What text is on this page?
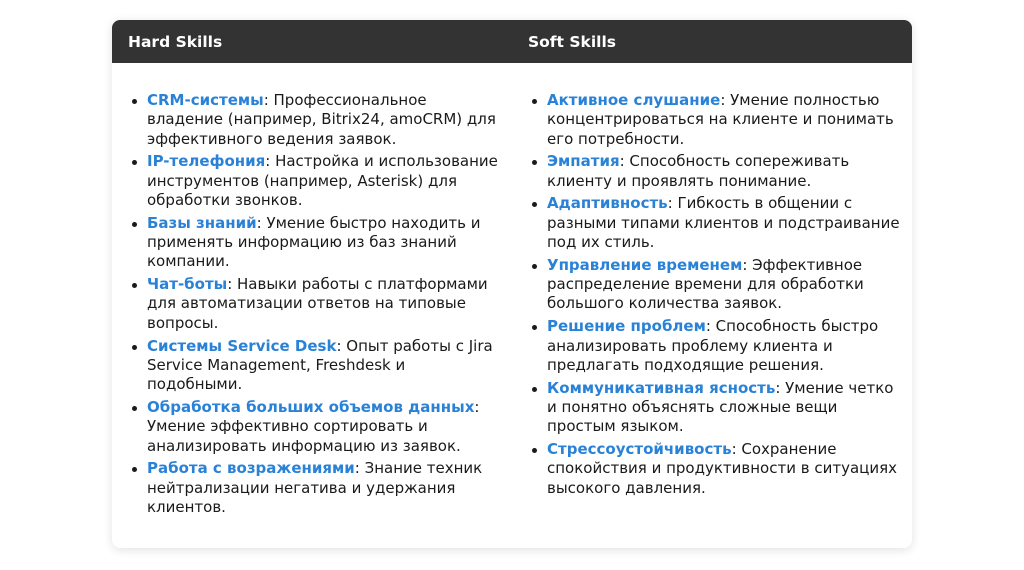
Hard Skills	Soft Skills
CRM-системы: Профессиональное владение (например, Bitrix24, amoCRM) для эффективного ведения заявок.
IP-телефония: Настройка и использование инструментов (например, Asterisk) для обработки звонков.
Базы знаний: Умение быстро находить и применять информацию из баз знаний компании.
Чат-боты: Навыки работы с платформами для автоматизации ответов на типовые вопросы.
Системы Service Desk: Опыт работы с Jira Service Management, Freshdesk и подобными.
Обработка больших объемов данных: Умение эффективно сортировать и анализировать информацию из заявок.
Работа с возражениями: Знание техник нейтрализации негатива и удержания клиентов.
Активное слушание: Умение полностью концентрироваться на клиенте и понимать его потребности.
Эмпатия: Способность сопереживать клиенту и проявлять понимание.
Адаптивность: Гибкость в общении с разными типами клиентов и подстраивание под их стиль.
Управление временем: Эффективное распределение времени для обработки большого количества заявок.
Решение проблем: Способность быстро анализировать проблему клиента и предлагать подходящие решения.
Коммуникативная ясность: Умение четко и понятно объяснять сложные вещи простым языком.
Стрессоустойчивость: Сохранение спокойствия и продуктивности в ситуациях высокого давления.
